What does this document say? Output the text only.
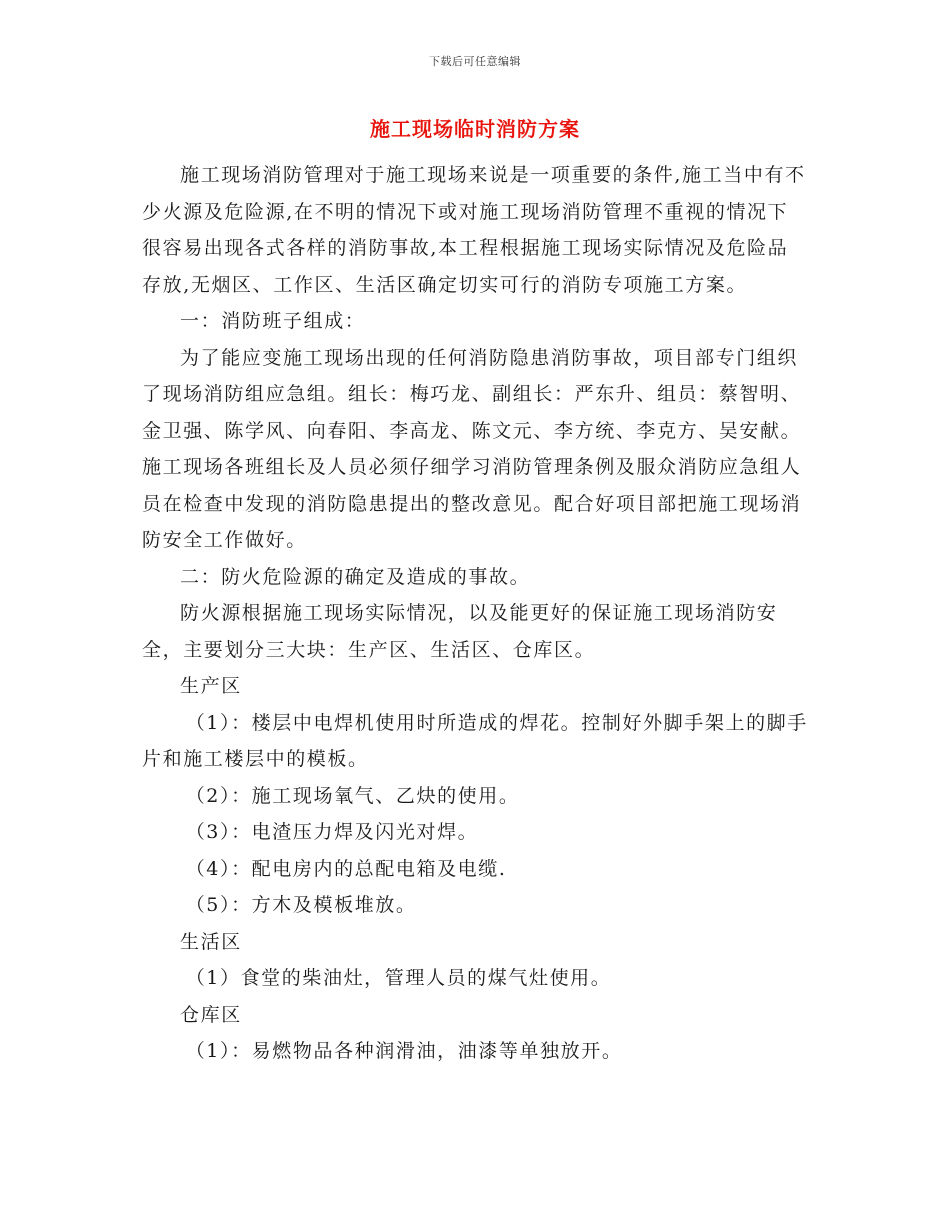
下载后可任意编辑
施工现场临时消防方案

施工现场消防管理对于施工现场来说是一项重要的条件,施工当中有不少火源及危险源,在不明的情况下或对施工现场消防管理不重视的情况下很容易出现各式各样的消防事故,本工程根据施工现场实际情况及危险品存放,无烟区、工作区、生活区确定切实可行的消防专项施工方案。

一：消防班子组成：

为了能应变施工现场出现的任何消防隐患消防事故，项目部专门组织了现场消防组应急组。组长：梅巧龙、副组长：严东升、组员：蔡智明、金卫强、陈学风、向春阳、李高龙、陈文元、李方统、李克方、吴安献。施工现场各班组长及人员必须仔细学习消防管理条例及服众消防应急组人员在检查中发现的消防隐患提出的整改意见。配合好项目部把施工现场消防安全工作做好。

二：防火危险源的确定及造成的事故。

防火源根据施工现场实际情况，以及能更好的保证施工现场消防安全，主要划分三大块：生产区、生活区、仓库区。

生产区

（1）：楼层中电焊机使用时所造成的焊花。控制好外脚手架上的脚手片和施工楼层中的模板。

（2）：施工现场氧气、乙炔的使用。

（3）：电渣压力焊及闪光对焊。

（4）：配电房内的总配电箱及电缆.

（5）：方木及模板堆放。

生活区

（1）食堂的柴油灶，管理人员的煤气灶使用。

仓库区

（1）：易燃物品各种润滑油，油漆等单独放开。
